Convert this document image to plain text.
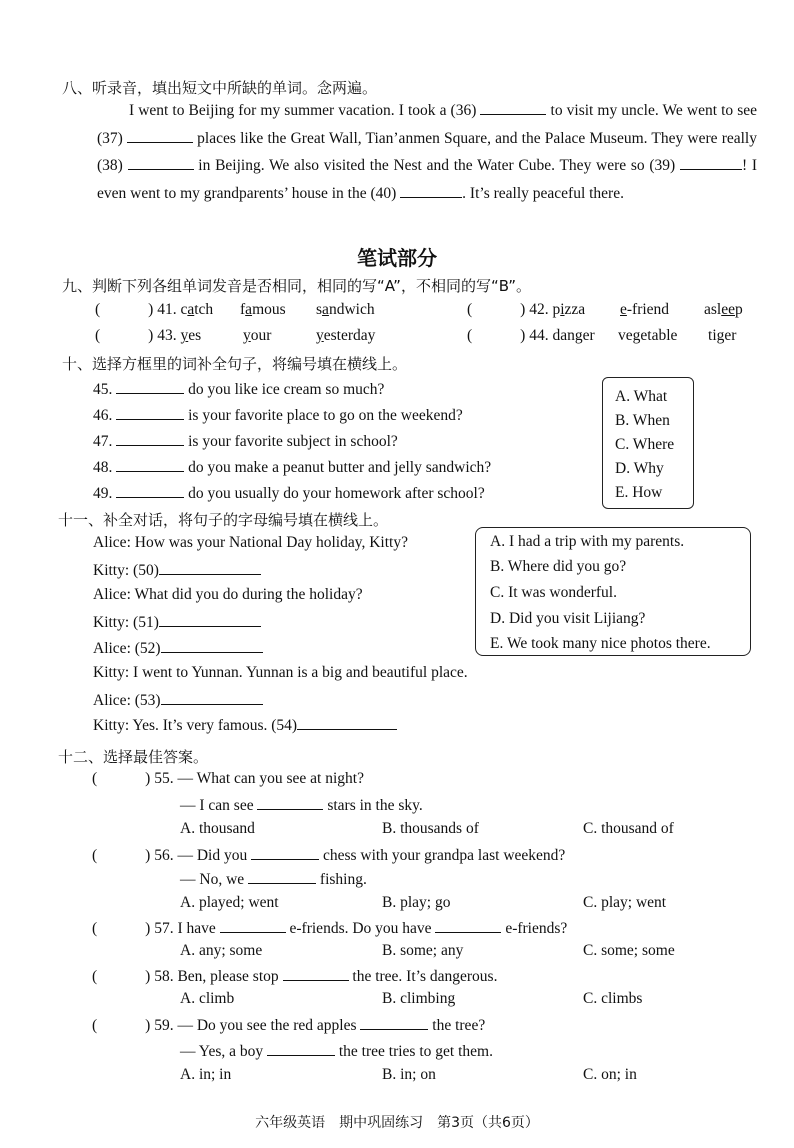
八、听录音，填出短文中所缺的单词。念两遍。
I went to Beijing for my summer vacation. I took a (36)	to visit my uncle. We went to see (37)	places like the Great Wall, Tian’anmen Square, and the Palace Museum. They were really (38)	in Beijing. We also visited the Nest and the Water Cube. They were so (39)	! I even went to my grandparents’ house in the (40)	. It’s really peaceful there.
笔试部分
九、判断下列各组单词发音是否相同，相同的写“A”，不相同的写“B”。
(	) 41. catch famous sandwich	(	) 42. pizza e-friend asleep
(	) 43. yes	your	yesterday	(	) 44. danger vegetable tiger
十、选择方框里的词补全句子，将编号填在横线上。
45.	do you like ice cream so much?
46.	is your favorite place to go on the weekend?
47.	is your favorite subject in school?
48.	do you make a peanut butter and jelly sandwich?
49.	do you usually do your homework after school?
A. What
B. When
C. Where
D. Why
E. How
十一、补全对话，将句子的字母编号填在横线上。
Alice: How was your National Day holiday, Kitty?
Kitty: (50)
Alice: What did you do during the holiday?
Kitty: (51)
Alice: (52)
Kitty: I went to Yunnan. Yunnan is a big and beautiful place.
Alice: (53)
Kitty: Yes. It’s very famous. (54)
A. I had a trip with my parents.
B. Where did you go?
C. It was wonderful.
D. Did you visit Lijiang?
E. We took many nice photos there.
十二、选择最佳答案。
(	) 55. — What can you see at night?
— I can see	stars in the sky.
A. thousand	B. thousands of	C. thousand of
(	) 56. — Did you	chess with your grandpa last weekend?
— No, we	fishing.
A. played; went	B. play; go	C. play; went
(	) 57. I have	e-friends. Do you have	e-friends?
A. any; some	B. some; any	C. some; some
(	) 58. Ben, please stop	the tree. It’s dangerous.
A. climb	B. climbing	C. climbs
(	) 59. — Do you see the red apples	the tree?
— Yes, a boy	the tree tries to get them.
A. in; in	B. in; on	C. on; in
六年级英语　期中巩固练习　第3页（共6页）
